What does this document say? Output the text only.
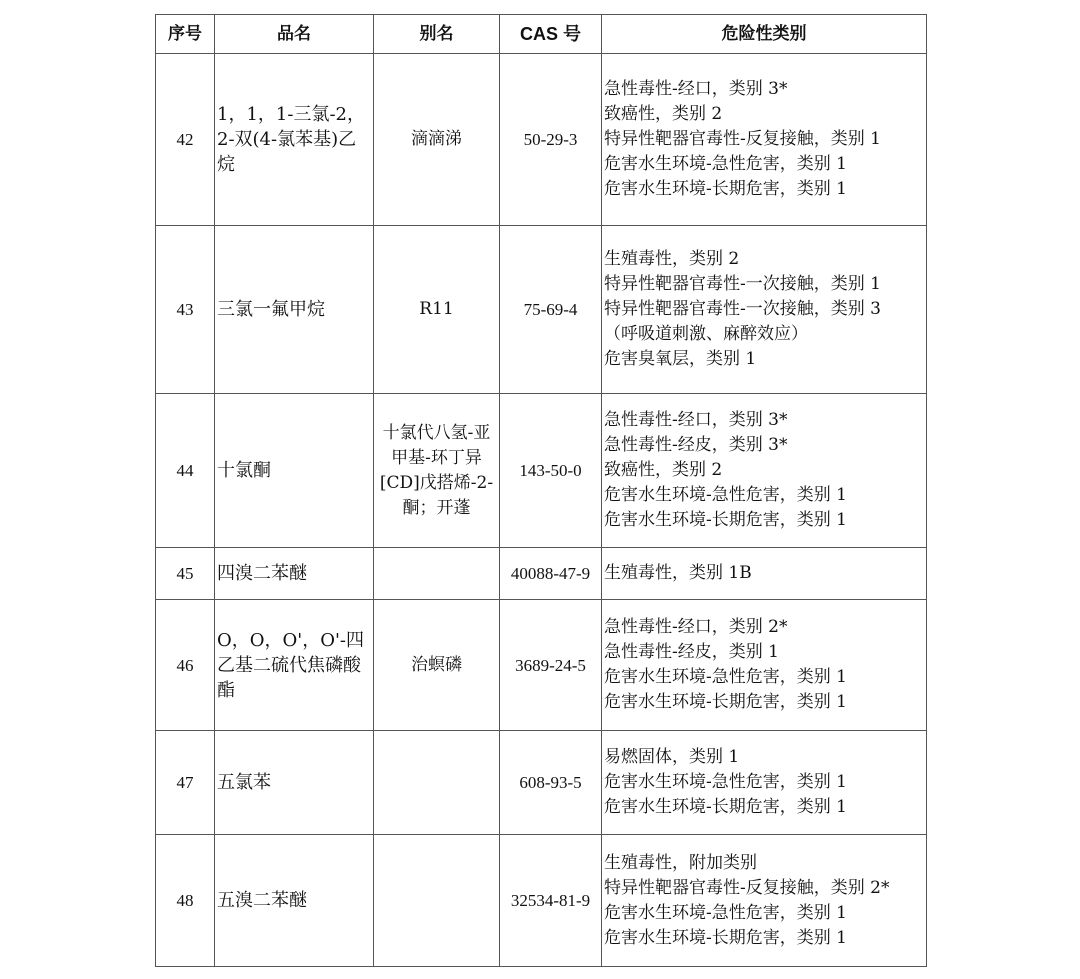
序号	品名	别名	CAS 号	危险性类别
42	1，1，1-三氯-2，2-双(4-氯苯基)乙烷	滴滴涕	50-29-3	急性毒性-经口，类别 3*
致癌性，类别 2
特异性靶器官毒性-反复接触，类别 1
危害水生环境-急性危害，类别 1
危害水生环境-长期危害，类别 1

43	三氯一氟甲烷	R11	75-69-4	生殖毒性，类别 2
特异性靶器官毒性-一次接触，类别 1
特异性靶器官毒性-一次接触，类别 3
（呼吸道刺激、麻醉效应）
危害臭氧层，类别 1

44	十氯酮	十氯代八氢-亚甲基-环丁异[CD]戊搭烯-2-酮；开蓬	143-50-0	急性毒性-经口，类别 3*
急性毒性-经皮，类别 3*
致癌性，类别 2
危害水生环境-急性危害，类别 1
危害水生环境-长期危害，类别 1

45	四溴二苯醚		40088-47-9	生殖毒性，类别 1B

46	O，O，O'，O'-四乙基二硫代焦磷酸酯	治螟磷	3689-24-5	急性毒性-经口，类别 2*
急性毒性-经皮，类别 1
危害水生环境-急性危害，类别 1
危害水生环境-长期危害，类别 1

47	五氯苯		608-93-5	易燃固体，类别 1
危害水生环境-急性危害，类别 1
危害水生环境-长期危害，类别 1

48	五溴二苯醚		32534-81-9	生殖毒性，附加类别
特异性靶器官毒性-反复接触，类别 2*
危害水生环境-急性危害，类别 1
危害水生环境-长期危害，类别 1
